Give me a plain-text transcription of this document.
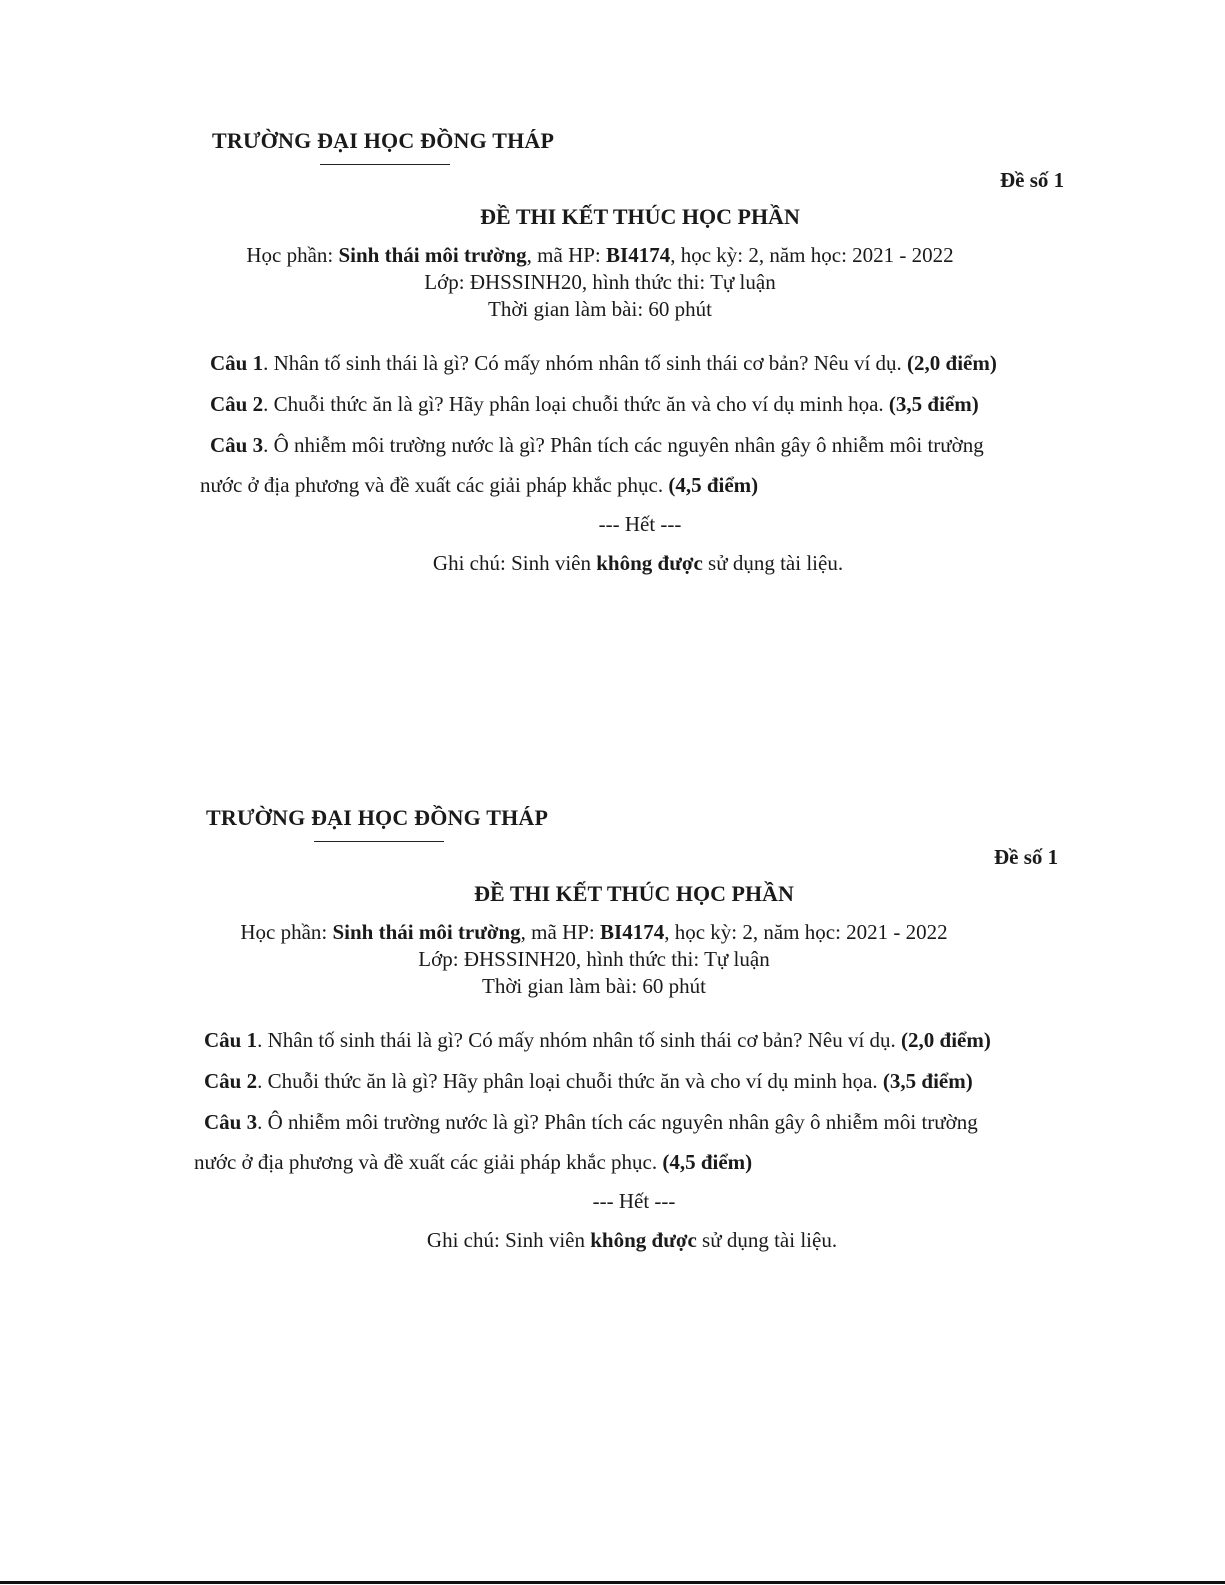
TRƯỜNG ĐẠI HỌC ĐỒNG THÁP
Đề số 1
ĐỀ THI KẾT THÚC HỌC PHẦN
Học phần: Sinh thái môi trường, mã HP: BI4174, học kỳ: 2, năm học: 2021 - 2022
Lớp: ĐHSSINH20, hình thức thi: Tự luận
Thời gian làm bài: 60 phút
Câu 1. Nhân tố sinh thái là gì? Có mấy nhóm nhân tố sinh thái cơ bản? Nêu ví dụ. (2,0 điểm)
Câu 2. Chuỗi thức ăn là gì? Hãy phân loại chuỗi thức ăn và cho ví dụ minh họa. (3,5 điểm)
Câu 3. Ô nhiễm môi trường nước là gì? Phân tích các nguyên nhân gây ô nhiễm môi trường
nước ở địa phương và đề xuất các giải pháp khắc phục. (4,5 điểm)
--- Hết ---
Ghi chú: Sinh viên không được sử dụng tài liệu.
TRƯỜNG ĐẠI HỌC ĐỒNG THÁP
Đề số 1
ĐỀ THI KẾT THÚC HỌC PHẦN
Học phần: Sinh thái môi trường, mã HP: BI4174, học kỳ: 2, năm học: 2021 - 2022
Lớp: ĐHSSINH20, hình thức thi: Tự luận
Thời gian làm bài: 60 phút
Câu 1. Nhân tố sinh thái là gì? Có mấy nhóm nhân tố sinh thái cơ bản? Nêu ví dụ. (2,0 điểm)
Câu 2. Chuỗi thức ăn là gì? Hãy phân loại chuỗi thức ăn và cho ví dụ minh họa. (3,5 điểm)
Câu 3. Ô nhiễm môi trường nước là gì? Phân tích các nguyên nhân gây ô nhiễm môi trường
nước ở địa phương và đề xuất các giải pháp khắc phục. (4,5 điểm)
--- Hết ---
Ghi chú: Sinh viên không được sử dụng tài liệu.
